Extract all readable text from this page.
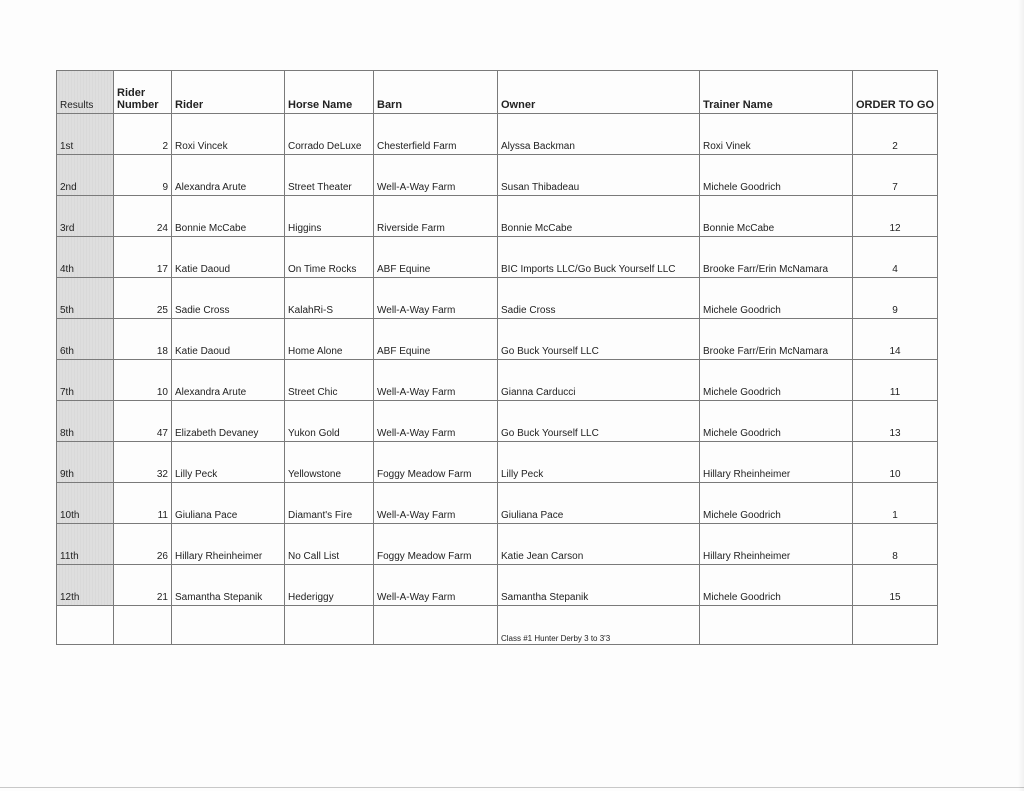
Results	Rider Number	Rider	Horse Name	Barn	Owner	Trainer Name	ORDER TO GO
1st	2	Roxi Vincek	Corrado DeLuxe	Chesterfield Farm	Alyssa Backman	Roxi Vinek	2
2nd	9	Alexandra Arute	Street Theater	Well-A-Way Farm	Susan Thibadeau	Michele Goodrich	7
3rd	24	Bonnie McCabe	Higgins	Riverside Farm	Bonnie McCabe	Bonnie McCabe	12
4th	17	Katie Daoud	On Time Rocks	ABF Equine	BIC Imports LLC/Go Buck Yourself LLC	Brooke Farr/Erin McNamara	4
5th	25	Sadie Cross	KalahRi-S	Well-A-Way Farm	Sadie Cross	Michele Goodrich	9
6th	18	Katie Daoud	Home Alone	ABF Equine	Go Buck Yourself LLC	Brooke Farr/Erin McNamara	14
7th	10	Alexandra Arute	Street Chic	Well-A-Way Farm	Gianna Carducci	Michele Goodrich	11
8th	47	Elizabeth Devaney	Yukon Gold	Well-A-Way Farm	Go Buck Yourself LLC	Michele Goodrich	13
9th	32	Lilly Peck	Yellowstone	Foggy Meadow Farm	Lilly Peck	Hillary Rheinheimer	10
10th	11	Giuliana Pace	Diamant's Fire	Well-A-Way Farm	Giuliana Pace	Michele Goodrich	1
11th	26	Hillary Rheinheimer	No Call List	Foggy Meadow Farm	Katie Jean Carson	Hillary Rheinheimer	8
12th	21	Samantha Stepanik	Hederiggy	Well-A-Way Farm	Samantha Stepanik	Michele Goodrich	15
					Class #1 Hunter Derby 3 to 3'3		
